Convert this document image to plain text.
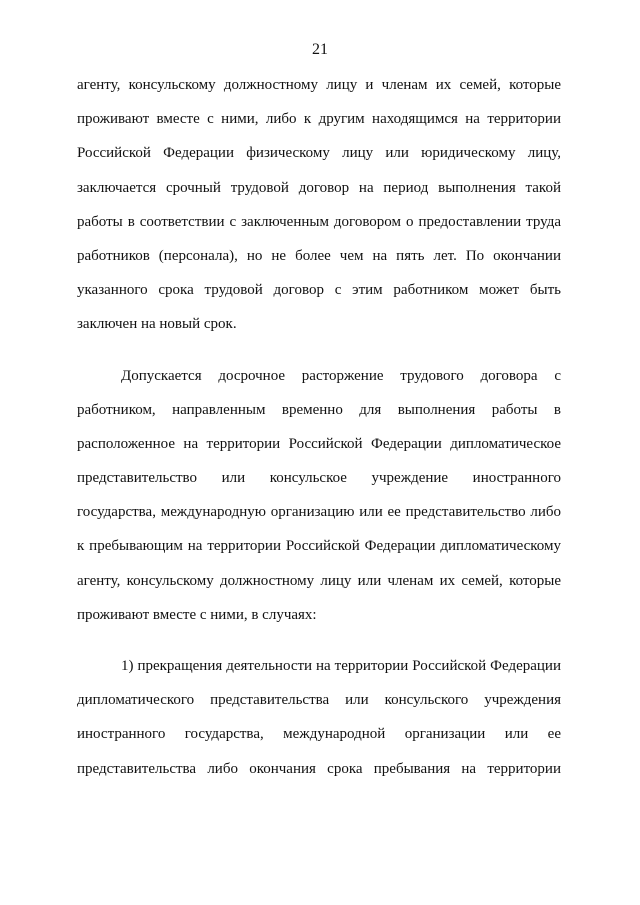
21
агенту, консульскому должностному лицу и членам их семей, которые
проживают вместе с ними, либо к другим находящимся на территории
Российской Федерации физическому лицу или юридическому лицу,
заключается срочный трудовой договор на период выполнения такой
работы в соответствии с заключенным договором о предоставлении труда
работников (персонала), но не более чем на пять лет. По окончании
указанного срока трудовой договор с этим работником может быть
заключен на новый срок.
Допускается досрочное расторжение трудового договора с
работником, направленным временно для выполнения работы в
расположенное на территории Российской Федерации дипломатическое
представительство или консульское учреждение иностранного
государства, международную организацию или ее представительство либо
к пребывающим на территории Российской Федерации дипломатическому
агенту, консульскому должностному лицу или членам их семей, которые
проживают вместе с ними, в случаях:
1) прекращения деятельности на территории Российской Федерации
дипломатического представительства или консульского учреждения
иностранного государства, международной организации или ее
представительства либо окончания срока пребывания на территории
